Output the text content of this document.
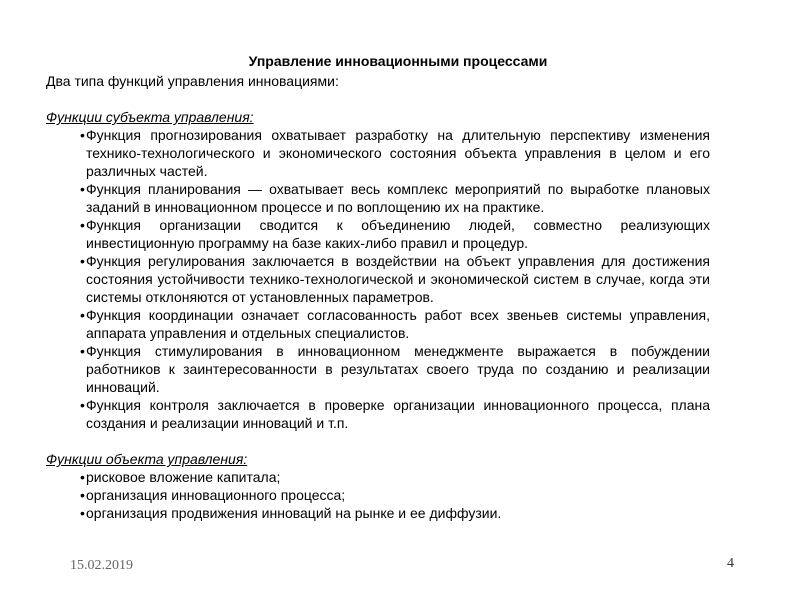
Управление инновационными процессами
Два типа функций управления инновациями:
Функции субъекта управления:
• Функция прогнозирования охватывает разработку на длительную перспективу изменения технико-технологического и экономического состояния объекта управления в целом и его различных частей.
• Функция планирования — охватывает весь комплекс мероприятий по выработке плановых заданий в инновационном процессе и по воплощению их на практике.
• Функция организации сводится к объединению людей, совместно реализующих инвестиционную программу на базе каких-либо правил и процедур.
• Функция регулирования заключается в воздействии на объект управления для достижения состояния устойчивости технико-технологической и экономической систем в случае, когда эти системы отклоняются от установленных параметров.
• Функция координации означает согласованность работ всех звеньев системы управления, аппарата управления и отдельных специалистов.
• Функция стимулирования в инновационном менеджменте выражается в побуждении работников к заинтересованности в результатах своего труда по созданию и реализации инноваций.
• Функция контроля заключается в проверке организации инновационного процесса, плана создания и реализации инноваций и т.п.
Функции объекта управления:
• рисковое вложение капитала;
• организация инновационного процесса;
• организация продвижения инноваций на рынке и ее диффузии.
15.02.2019	4
